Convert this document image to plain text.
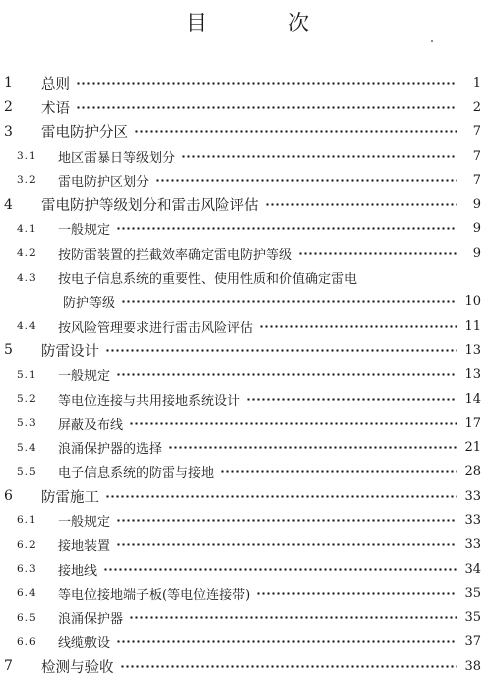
目　次
1	总则	1
2	术语	2
3	雷电防护分区	7
3.1	地区雷暴日等级划分	7
3.2	雷电防护区划分	7
4	雷电防护等级划分和雷击风险评估	9
4.1	一般规定	9
4.2	按防雷装置的拦截效率确定雷电防护等级	9
4.3	按电子信息系统的重要性、使用性质和价值确定雷电
防护等级	10
4.4	按风险管理要求进行雷击风险评估	11
5	防雷设计	13
5.1	一般规定	13
5.2	等电位连接与共用接地系统设计	14
5.3	屏蔽及布线	17
5.4	浪涌保护器的选择	21
5.5	电子信息系统的防雷与接地	28
6	防雷施工	33
6.1	一般规定	33
6.2	接地装置	33
6.3	接地线	34
6.4	等电位接地端子板(等电位连接带)	35
6.5	浪涌保护器	35
6.6	线缆敷设	37
7	检测与验收	38
